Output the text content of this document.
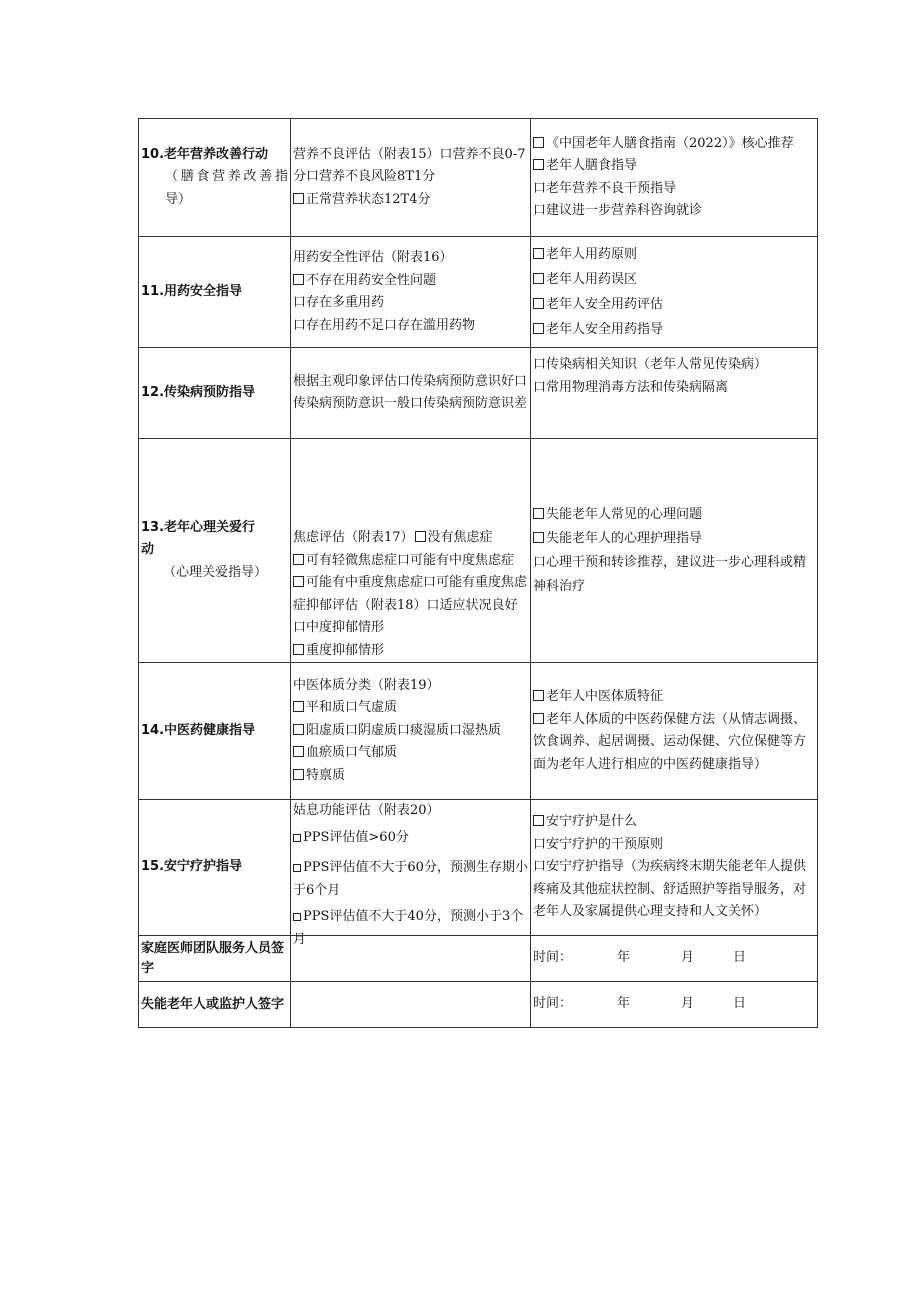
10.老年营养改善行动
（膳食营养改善指导）	营养不良评估（附表15）口营养不良0-7分口营养不良风险8T1分
正常营养状态12T4分	《中国老年人膳食指南（2022）》核心推荐
老年人膳食指导
口老年营养不良干预指导
口建议进一步营养科咨询就诊

11.用药安全指导	用药安全性评估（附表16）
不存在用药安全性问题
口存在多重用药
口存在用药不足口存在滥用药物	老年人用药原则
老年人用药误区
老年人安全用药评估
老年人安全用药指导

12.传染病预防指导	根据主观印象评估口传染病预防意识好口传染病预防意识一般口传染病预防意识差	口传染病相关知识（老年人常见传染病）
口常用物理消毒方法和传染病隔离

13.老年心理关爱行动
（心理关爱指导）	焦虑评估（附表17） 没有焦虑症
可有轻微焦虑症口可能有中度焦虑症
可能有中重度焦虑症口可能有重度焦虑症抑郁评估（附表18）口适应状况良好口中度抑郁情形
重度抑郁情形	失能老年人常见的心理问题
失能老年人的心理护理指导
口心理干预和转诊推荐，建议进一步心理科或精神科治疗

14.中医药健康指导	中医体质分类（附表19）
平和质口气虚质
阳虚质口阴虚质口痰湿质口湿热质
血瘀质口气郁质
特禀质	老年人中医体质特征
老年人体质的中医药保健方法（从情志调摄、饮食调养、起居调摄、运动保健、穴位保健等方面为老年人进行相应的中医药健康指导）

15.安宁疗护指导	姑息功能评估（附表20）
PPS评估值>60分
PPS评估值不大于60分，预测生存期小于6个月
PPS评估值不大于40分，预测小于3个月	安宁疗护是什么
口安宁疗护的干预原则
口安宁疗护指导（为疾病终末期失能老年人提供疼痛及其他症状控制、舒适照护等指导服务，对老年人及家属提供心理支持和人文关怀）

家庭医师团队服务人员签字		时间： 年 月 日

失能老年人或监护人签字		时间： 年 月 日
